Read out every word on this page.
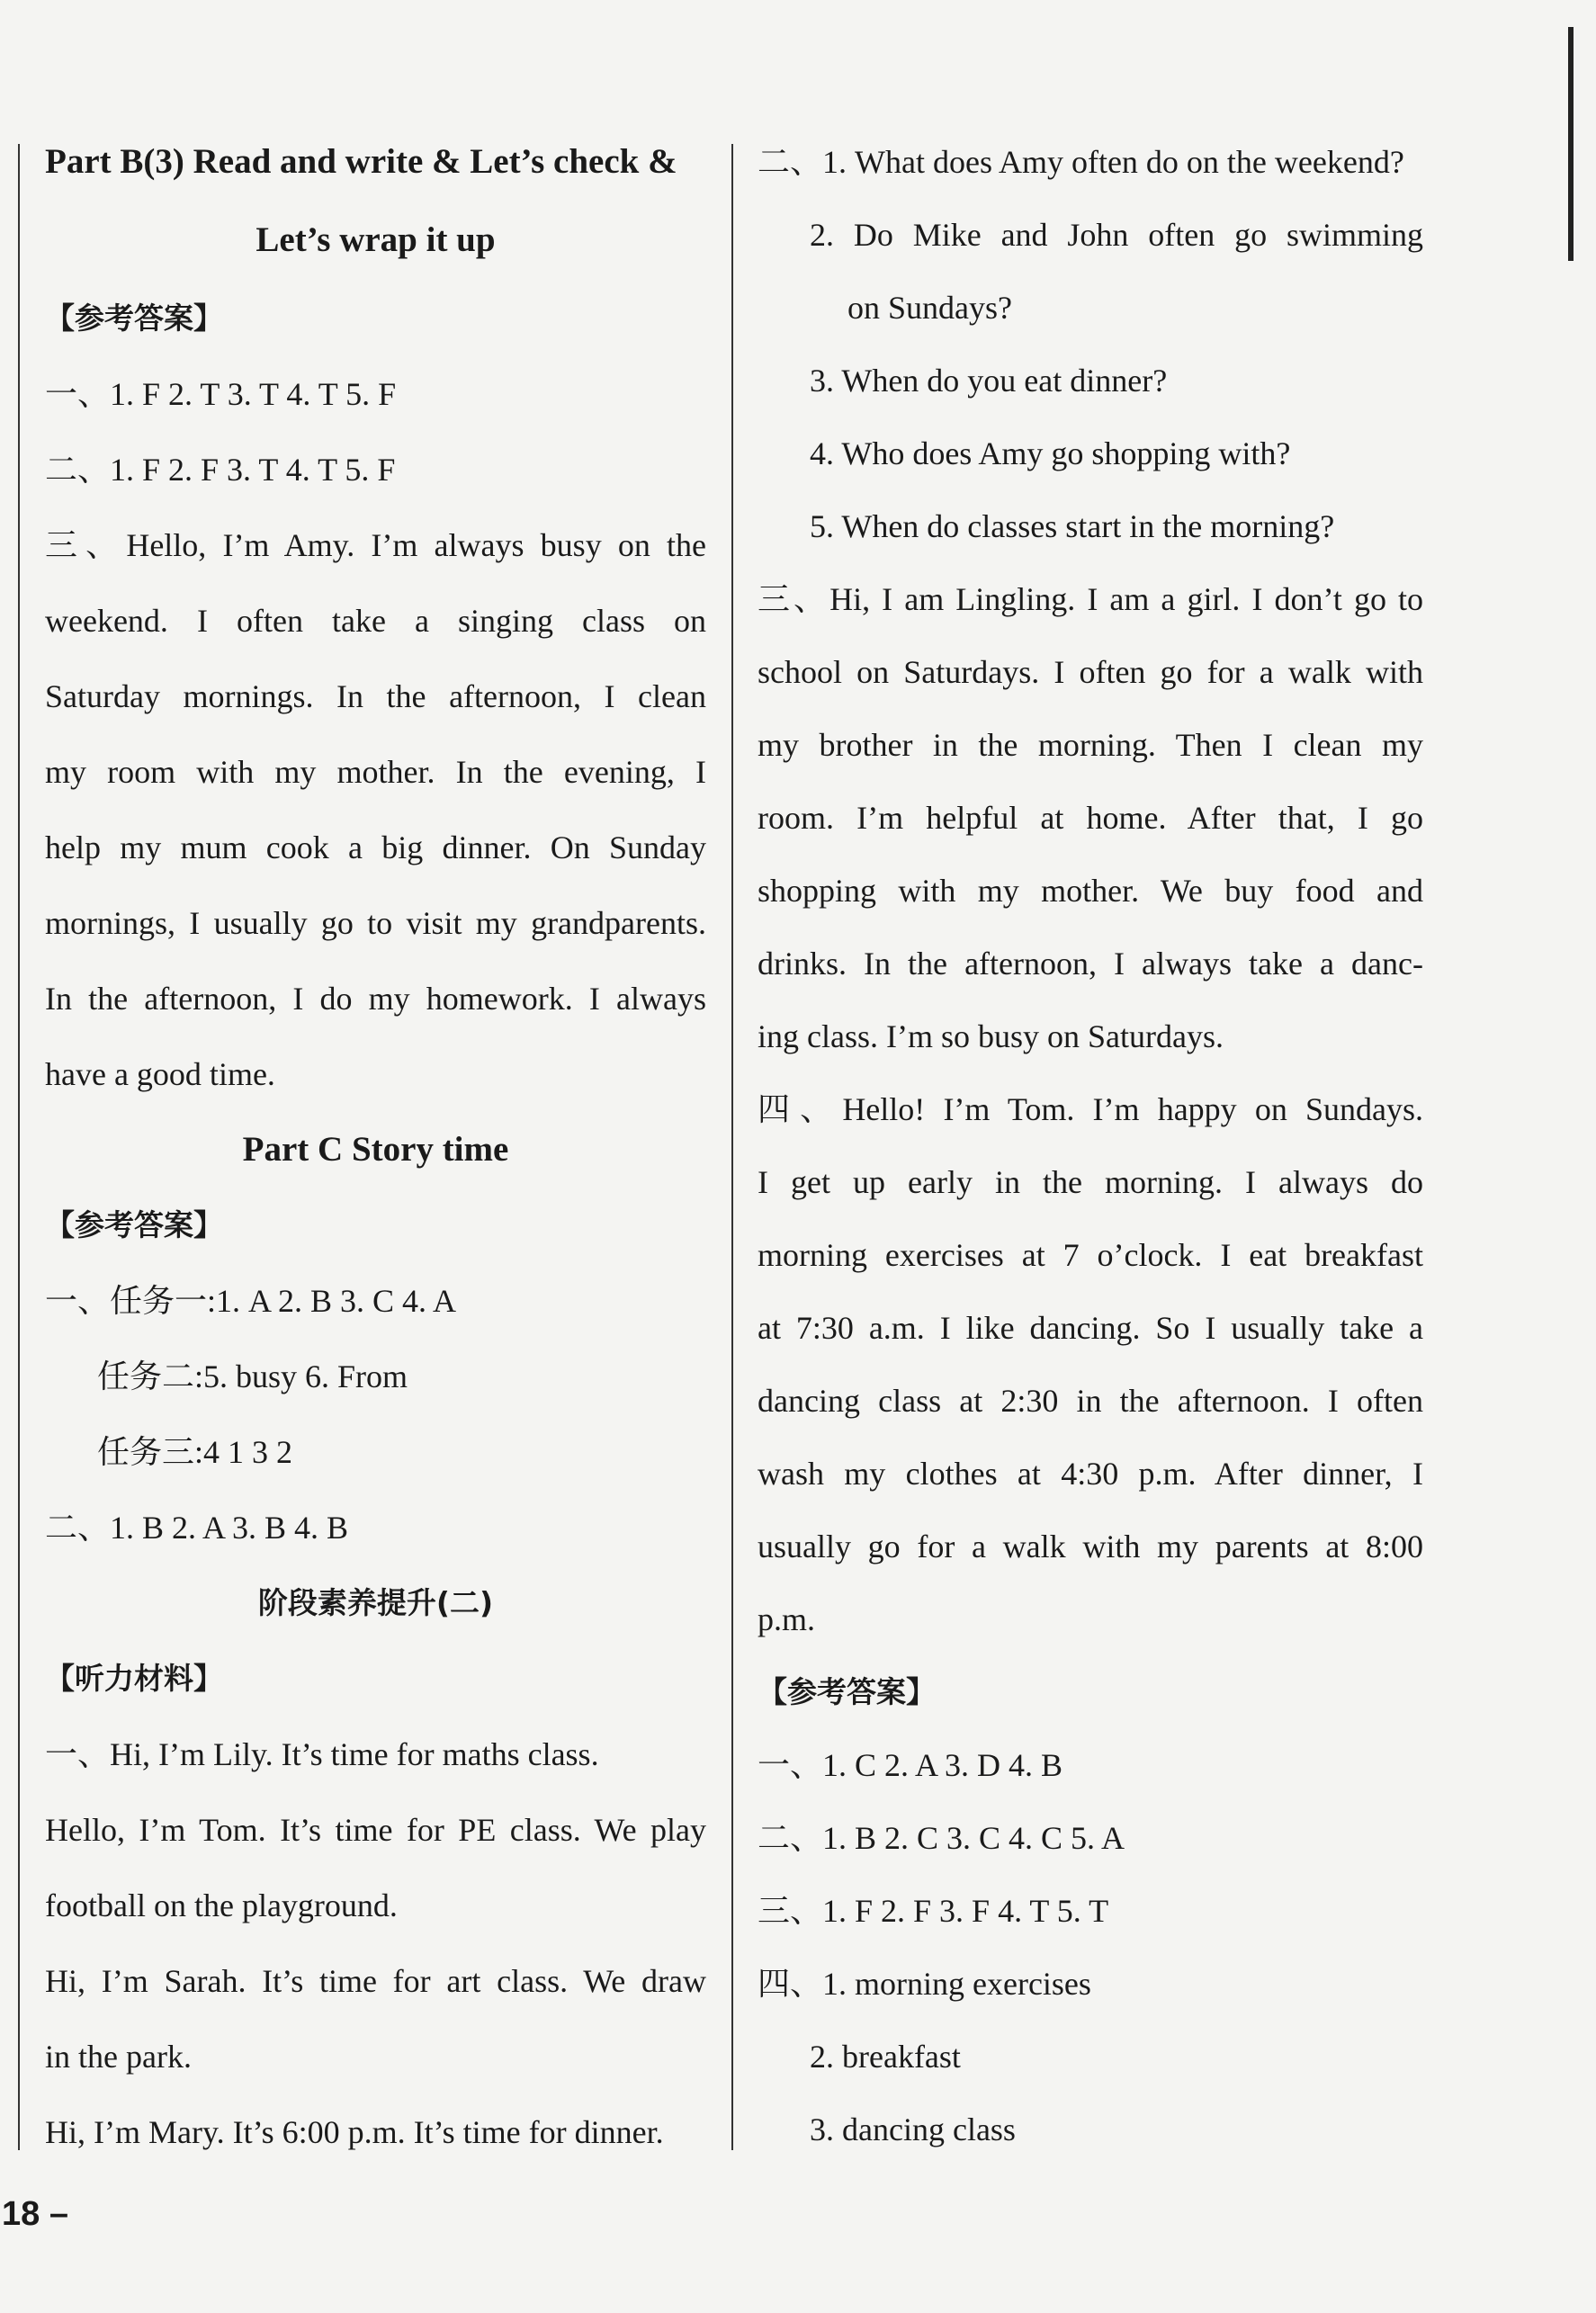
Part B(3) Read and write & Let’s check &
Let’s wrap it up
【参考答案】
一、1. F 2. T 3. T 4. T 5. F
二、1. F 2. F 3. T 4. T 5. F
三、Hello, I’m Amy. I’m always busy on the
weekend. I often take a singing class on
Saturday mornings. In the afternoon, I clean
my room with my mother. In the evening, I
help my mum cook a big dinner. On Sunday
mornings, I usually go to visit my grandparents.
In the afternoon, I do my homework. I always
have a good time.
Part C Story time
【参考答案】
一、任务一:1. A 2. B 3. C 4. A
任务二:5. busy 6. From
任务三:4 1 3 2
二、1. B 2. A 3. B 4. B
阶段素养提升(二)
【听力材料】
一、Hi, I’m Lily. It’s time for maths class.
Hello, I’m Tom. It’s time for PE class. We play
football on the playground.
Hi, I’m Sarah. It’s time for art class. We draw
in the park.
Hi, I’m Mary. It’s 6:00 p.m. It’s time for dinner.
二、1. What does Amy often do on the weekend?
2. Do Mike and John often go swimming
on Sundays?
3. When do you eat dinner?
4. Who does Amy go shopping with?
5. When do classes start in the morning?
三、Hi, I am Lingling. I am a girl. I don’t go to
school on Saturdays. I often go for a walk with
my brother in the morning. Then I clean my
room. I’m helpful at home. After that, I go
shopping with my mother. We buy food and
drinks. In the afternoon, I always take a danc-
ing class. I’m so busy on Saturdays.
四、Hello! I’m Tom. I’m happy on Sundays.
I get up early in the morning. I always do
morning exercises at 7 o’clock. I eat breakfast
at 7:30 a.m. I like dancing. So I usually take a
dancing class at 2:30 in the afternoon. I often
wash my clothes at 4:30 p.m. After dinner, I
usually go for a walk with my parents at 8:00
p.m.
【参考答案】
一、1. C 2. A 3. D 4. B
二、1. B 2. C 3. C 4. C 5. A
三、1. F 2. F 3. F 4. T 5. T
四、1. morning exercises
2. breakfast
3. dancing class
18 –
